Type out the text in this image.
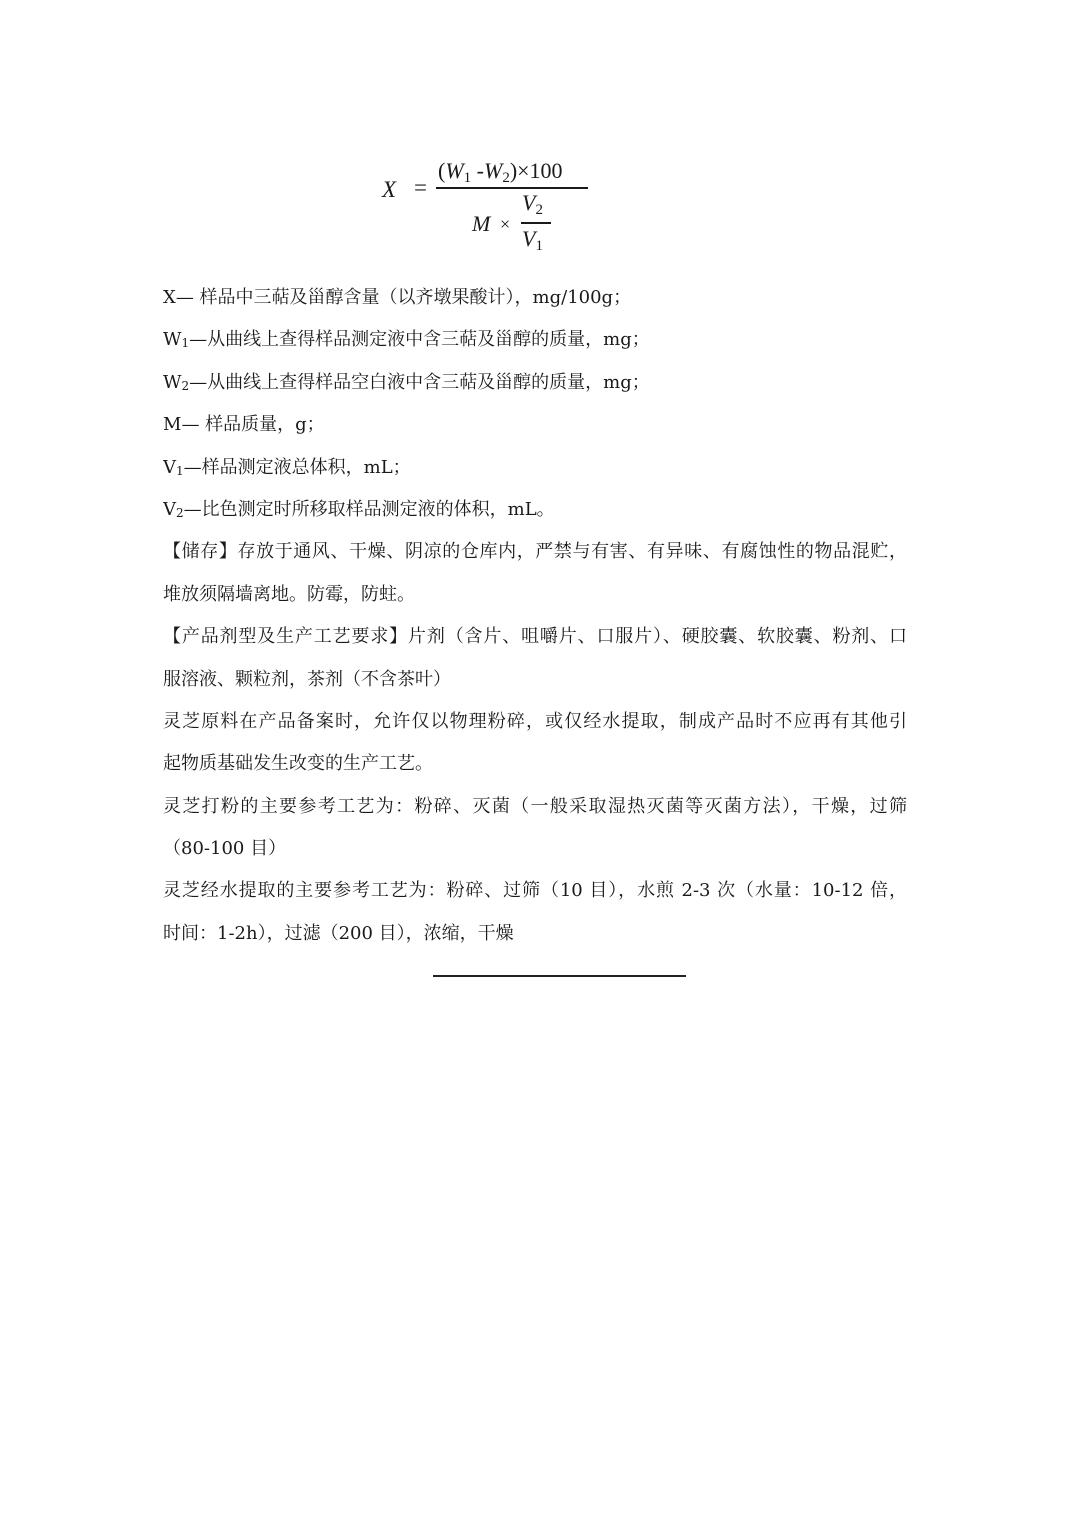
X =
($W_1$ $-W_2)\times 100$
M ×
$V_2$
$V_1$
X— 样品中三萜及甾醇含量（以齐墩果酸计），mg/100g；
$W_1—$从曲线上查得样品测定液中含三萜及甾醇的质量，mg；
$W_2—$从曲线上查得样品空白液中含三萜及甾醇的质量，mg；
M— 样品质量，g；
$V_1—$样品测定液总体积，mL；
$V_2—$比色测定时所移取样品测定液的体积，mL。
【储存】存放于通风、干燥、阴凉的仓库内，严禁与有害、有异味、有腐蚀性的物品混贮，
堆放须隔墙离地。防霉，防蛀。
【产品剂型及生产工艺要求】片剂（含片、咀嚼片、口服片）、硬胶囊、软胶囊、粉剂、口
服溶液、颗粒剂，茶剂（不含茶叶）
灵芝原料在产品备案时，允许仅以物理粉碎，或仅经水提取，制成产品时不应再有其他引
起物质基础发生改变的生产工艺。
灵芝打粉的主要参考工艺为：粉碎、灭菌（一般采取湿热灭菌等灭菌方法），干燥，过筛
（80-100 目）
灵芝经水提取的主要参考工艺为：粉碎、过筛（10 目），水煎 2-3 次（水量：10-12 倍，
时间：1-2h），过滤（200 目），浓缩，干燥
